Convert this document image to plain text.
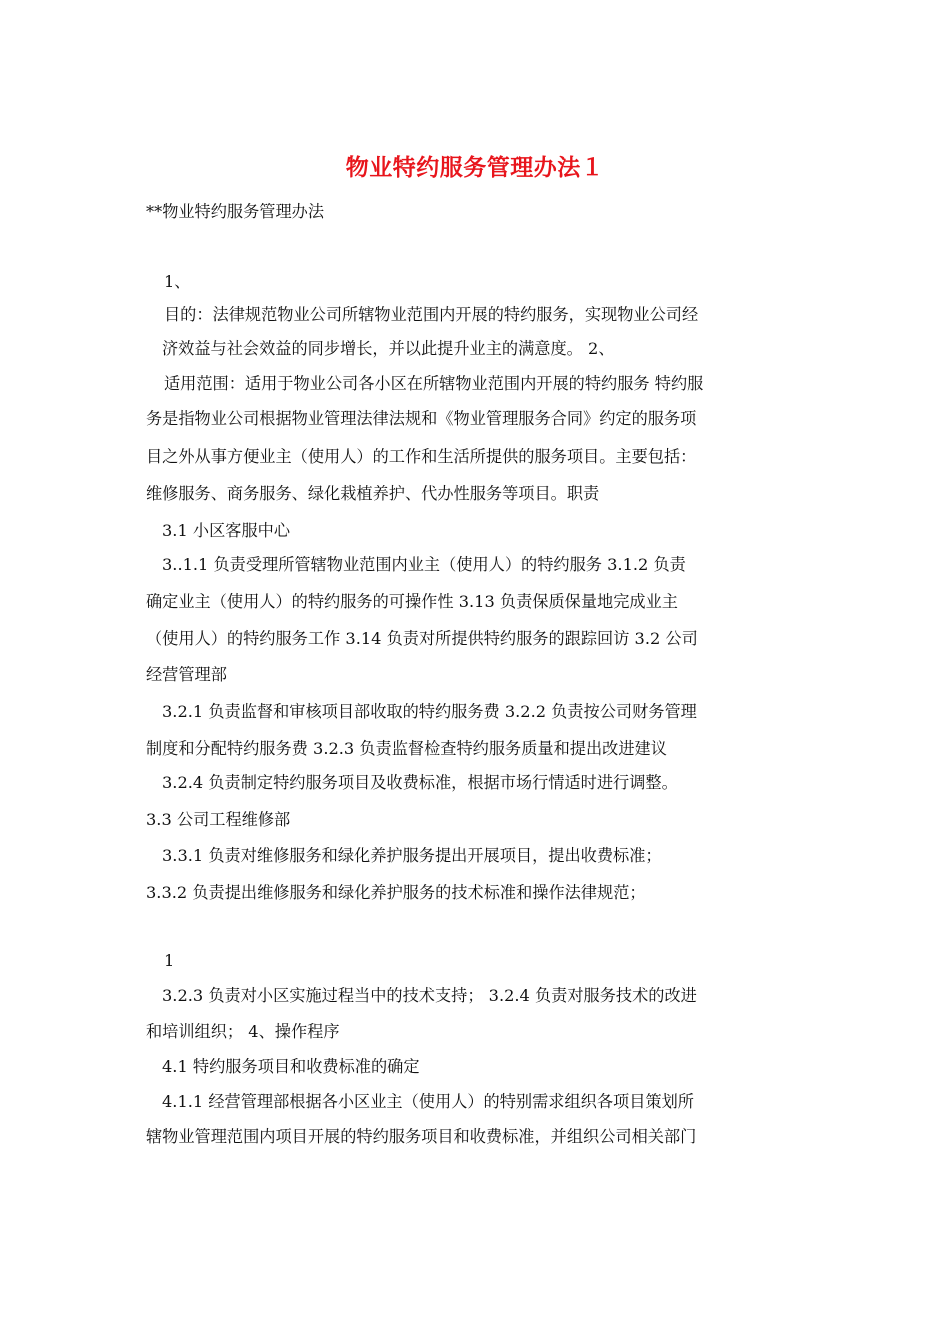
物业特约服务管理办法１
**物业特约服务管理办法
1、
目的：法律规范物业公司所辖物业范围内开展的特约服务，实现物业公司经
济效益与社会效益的同步增长，并以此提升业主的满意度。 2、
适用范围：适用于物业公司各小区在所辖物业范围内开展的特约服务 特约服
务是指物业公司根据物业管理法律法规和《物业管理服务合同》约定的服务项
目之外从事方便业主（使用人）的工作和生活所提供的服务项目。主要包括：
维修服务、商务服务、绿化栽植养护、代办性服务等项目。职责
3.1 小区客服中心
3..1.1 负责受理所管辖物业范围内业主（使用人）的特约服务 3.1.2 负责
确定业主（使用人）的特约服务的可操作性 3.13 负责保质保量地完成业主
（使用人）的特约服务工作 3.14 负责对所提供特约服务的跟踪回访 3.2 公司
经营管理部
3.2.1 负责监督和审核项目部收取的特约服务费 3.2.2 负责按公司财务管理
制度和分配特约服务费 3.2.3 负责监督检查特约服务质量和提出改进建议
3.2.4 负责制定特约服务项目及收费标准，根据市场行情适时进行调整。
3.3 公司工程维修部
3.3.1 负责对维修服务和绿化养护服务提出开展项目，提出收费标准；
3.3.2 负责提出维修服务和绿化养护服务的技术标准和操作法律规范；
1
3.2.3 负责对小区实施过程当中的技术支持； 3.2.4 负责对服务技术的改进
和培训组织； 4、操作程序
4.1 特约服务项目和收费标准的确定
4.1.1 经营管理部根据各小区业主（使用人）的特别需求组织各项目策划所
辖物业管理范围内项目开展的特约服务项目和收费标准，并组织公司相关部门
